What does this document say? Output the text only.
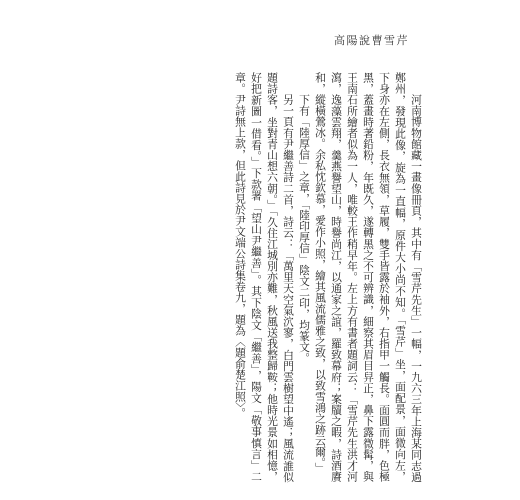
高陽說曹雪芹

河南博物館藏一畫像冊頁，其中有「雪芹先生」一幅，一九六三年上海某同志過鄭州，發現此像，旋為一直幅，原件大小尚不知。「雪芹」坐，面配景，面微向左，下身亦在左側，長衣無領，草履，雙手皆露於袖外，右指甲一觸長。面圓而胖，色極黑，蓋畫時著鉛粉，年既久，遂轉黑之不可辨識，細察其眉目舁正，鼻下露微髯，與王南石所繪者似為一人，唯較王作稍早年。左上方有書者題詞云：「雪芹先生洪才河瀉，逸藻雲翔，羹燕譽望山，時譽尚江，以通家之誼，羅致幕府；案牘之暇，詩酒賡和，縱橫鶯冰。余私忱欽慕，愛作小照，繪其風流儒雅之致，以致雪鴻之跡云爾。」

下有「陸厚信」之章，「陸印厚信」陰文二印，均篆文。

另一頁有尹繼善詩二首，詩云：「萬里天空氣泬寥，白門雲樹望中遙；風流誰似題詩客，坐對青山想六朝。」「久住江城別亦難，秋風送我整歸鞍；他時光景如相憶，好把新圖一借看。」下款署「望山尹繼善」。其下陰文「繼善」，陽文「敬事慎言」二章。尹詩無上款，但此詩見於尹文端公詩集卷九，題為〈題俞楚江照〉。
